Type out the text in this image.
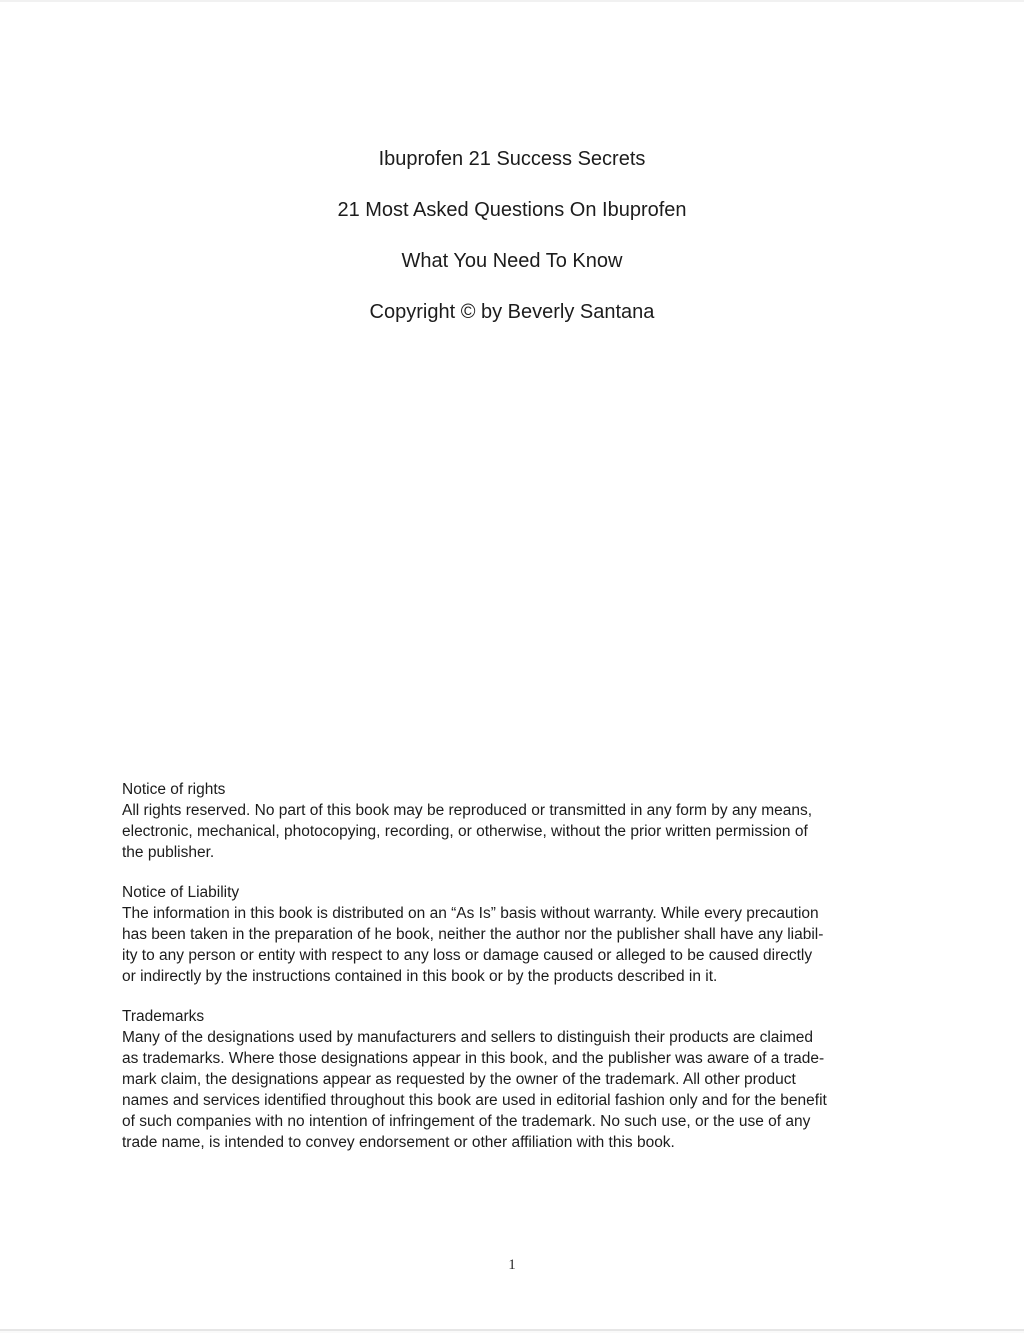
Ibuprofen 21 Success Secrets
21 Most Asked Questions On Ibuprofen
What You Need To Know
Copyright © by Beverly Santana
Notice of rights
All rights reserved. No part of this book may be reproduced or transmitted in any form by any means,
electronic, mechanical, photocopying, recording, or otherwise, without the prior written permission of
the publisher.
Notice of Liability
The information in this book is distributed on an “As Is” basis without warranty. While every precaution
has been taken in the preparation of he book, neither the author nor the publisher shall have any liabil-
ity to any person or entity with respect to any loss or damage caused or alleged to be caused directly
or indirectly by the instructions contained in this book or by the products described in it.
Trademarks
Many of the designations used by manufacturers and sellers to distinguish their products are claimed
as trademarks. Where those designations appear in this book, and the publisher was aware of a trade-
mark claim, the designations appear as requested by the owner of the trademark. All other product
names and services identified throughout this book are used in editorial fashion only and for the benefit
of such companies with no intention of infringement of the trademark. No such use, or the use of any
trade name, is intended to convey endorsement or other affiliation with this book.
1
